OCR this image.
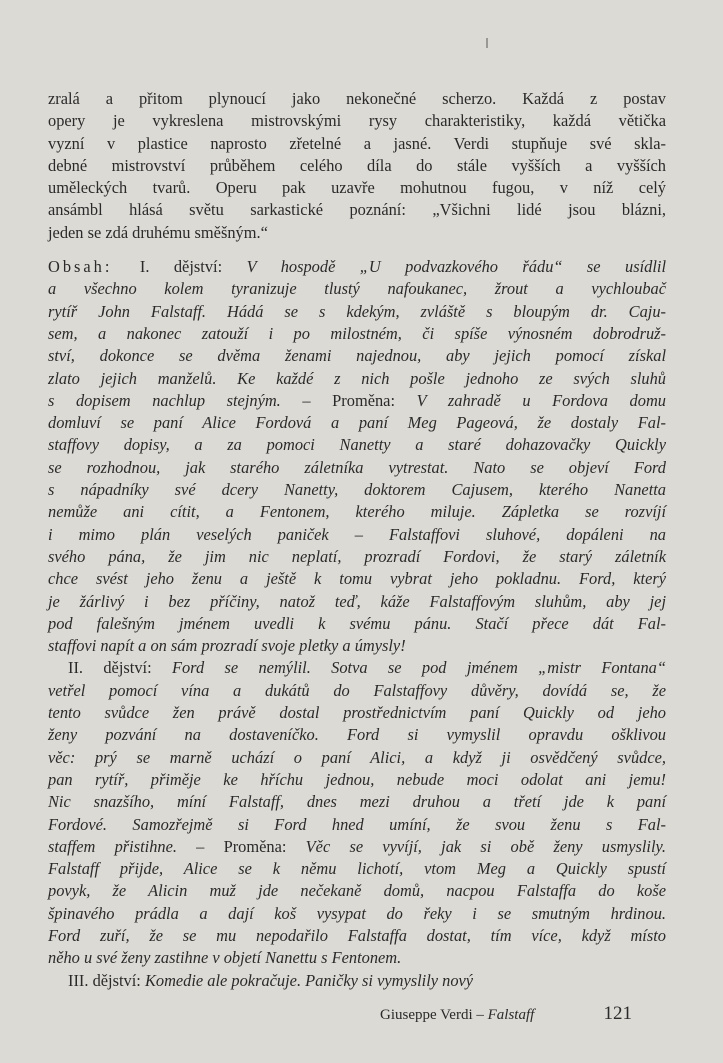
zralá a přitom plynoucí jako nekonečné scherzo. Každá z postav
opery je vykreslena mistrovskými rysy charakteristiky, každá větička
vyzní v plastice naprosto zřetelné a jasné. Verdi stupňuje své skla-
debné mistrovství průběhem celého díla do stále vyšších a vyšších
uměleckých tvarů. Operu pak uzavře mohutnou fugou, v níž celý
ansámbl hlásá světu sarkastické poznání: „Všichni lidé jsou blázni,
jeden se zdá druhému směšným.“
Obsah: I. dějství: V hospodě „U podvazkového řádu“ se usídlil
a všechno kolem tyranizuje tlustý nafoukanec, žrout a vychloubač
rytíř John Falstaff. Hádá se s kdekým, zvláště s bloupým dr. Caju-
sem, a nakonec zatouží i po milostném, či spíše výnosném dobrodruž-
ství, dokonce se dvěma ženami najednou, aby jejich pomocí získal
zlato jejich manželů. Ke každé z nich pošle jednoho ze svých sluhů
s dopisem nachlup stejným. – Proměna: V zahradě u Fordova domu
domluví se paní Alice Fordová a paní Meg Pageová, že dostaly Fal-
staffovy dopisy, a za pomoci Nanetty a staré dohazovačky Quickly
se rozhodnou, jak starého záletníka vytrestat. Nato se objeví Ford
s nápadníky své dcery Nanetty, doktorem Cajusem, kterého Nanetta
nemůže ani cítit, a Fentonem, kterého miluje. Zápletka se rozvíjí
i mimo plán veselých paniček – Falstaffovi sluhové, dopáleni na
svého pána, že jim nic neplatí, prozradí Fordovi, že starý záletník
chce svést jeho ženu a ještě k tomu vybrat jeho pokladnu. Ford, který
je žárlivý i bez příčiny, natož teď, káže Falstaffovým sluhům, aby jej
pod falešným jménem uvedli k svému pánu. Stačí přece dát Fal-
staffovi napít a on sám prozradí svoje pletky a úmysly!
II. dějství: Ford se nemýlil. Sotva se pod jménem „mistr Fontana“
vetřel pomocí vína a dukátů do Falstaffovy důvěry, dovídá se, že
tento svůdce žen právě dostal prostřednictvím paní Quickly od jeho
ženy pozvání na dostaveníčko. Ford si vymyslil opravdu ošklivou
věc: prý se marně uchází o paní Alici, a když ji osvědčený svůdce,
pan rytíř, přiměje ke hříchu jednou, nebude moci odolat ani jemu!
Nic snazšího, míní Falstaff, dnes mezi druhou a třetí jde k paní
Fordové. Samozřejmě si Ford hned umíní, že svou ženu s Fal-
staffem přistihne. – Proměna: Věc se vyvíjí, jak si obě ženy usmyslily.
Falstaff přijde, Alice se k němu lichotí, vtom Meg a Quickly spustí
povyk, že Alicin muž jde nečekaně domů, nacpou Falstaffa do koše
špinavého prádla a dají koš vysypat do řeky i se smutným hrdinou.
Ford zuří, že se mu nepodařilo Falstaffa dostat, tím více, když místo
něho u své ženy zastihne v objetí Nanettu s Fentonem.
III. dějství: Komedie ale pokračuje. Paničky si vymyslily nový
Giuseppe Verdi – Falstaff	121
